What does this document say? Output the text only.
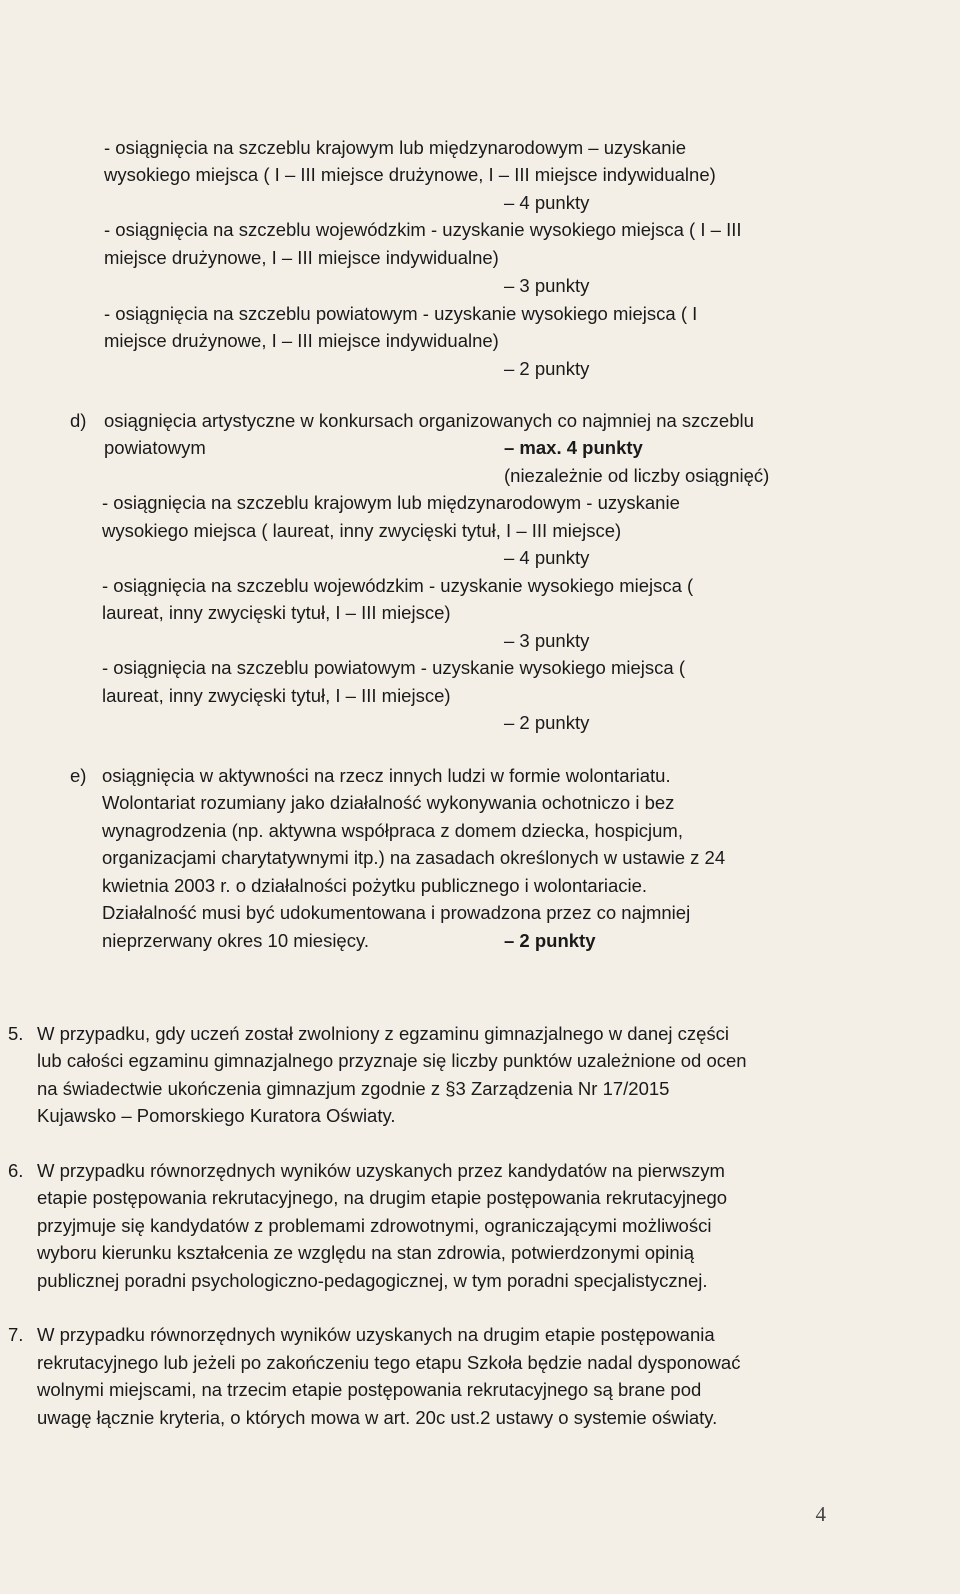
- osiągnięcia na szczeblu krajowym lub międzynarodowym – uzyskanie

wysokiego miejsca ( I – III miejsce drużynowe, I – III miejsce indywidualne)

– 4 punkty

- osiągnięcia na szczeblu wojewódzkim - uzyskanie wysokiego miejsca ( I – III

miejsce drużynowe, I – III miejsce indywidualne)

– 3 punkty

- osiągnięcia na szczeblu powiatowym - uzyskanie wysokiego miejsca ( I

miejsce drużynowe, I – III miejsce indywidualne)

– 2 punkty

d) osiągnięcia artystyczne w konkursach organizowanych co najmniej na szczeblu

powiatowym	– max. 4 punkty

(niezależnie od liczby osiągnięć)

- osiągnięcia na szczeblu krajowym lub międzynarodowym - uzyskanie

wysokiego miejsca ( laureat, inny zwycięski tytuł, I – III miejsce)

– 4 punkty

- osiągnięcia na szczeblu wojewódzkim - uzyskanie wysokiego miejsca (

laureat, inny zwycięski tytuł, I – III miejsce)

– 3 punkty

- osiągnięcia na szczeblu powiatowym - uzyskanie wysokiego miejsca (

laureat, inny zwycięski tytuł, I – III miejsce)

– 2 punkty

e) osiągnięcia w aktywności na rzecz innych ludzi w formie wolontariatu.

Wolontariat rozumiany jako działalność wykonywania ochotniczo i bez

wynagrodzenia (np. aktywna współpraca z domem dziecka, hospicjum,

organizacjami charytatywnymi itp.) na zasadach określonych w ustawie z 24

kwietnia 2003 r. o działalności pożytku publicznego i wolontariacie.

Działalność musi być udokumentowana i prowadzona przez co najmniej

nieprzerwany okres 10 miesięcy.	– 2 punkty

5. W przypadku, gdy uczeń został zwolniony z egzaminu gimnazjalnego w danej części

lub całości egzaminu gimnazjalnego przyznaje się liczby punktów uzależnione od ocen

na świadectwie ukończenia gimnazjum zgodnie z §3 Zarządzenia Nr 17/2015

Kujawsko – Pomorskiego Kuratora Oświaty.

6. W przypadku równorzędnych wyników uzyskanych przez kandydatów na pierwszym

etapie postępowania rekrutacyjnego, na drugim etapie postępowania rekrutacyjnego

przyjmuje się kandydatów z problemami zdrowotnymi, ograniczającymi możliwości

wyboru kierunku kształcenia ze względu na stan zdrowia, potwierdzonymi opinią

publicznej poradni psychologiczno-pedagogicznej, w tym poradni specjalistycznej.

7. W przypadku równorzędnych wyników uzyskanych na drugim etapie postępowania

rekrutacyjnego lub jeżeli po zakończeniu tego etapu Szkoła będzie nadal dysponować

wolnymi miejscami, na trzecim etapie postępowania rekrutacyjnego są brane pod

uwagę łącznie kryteria, o których mowa w art. 20c ust.2 ustawy o systemie oświaty.

4
